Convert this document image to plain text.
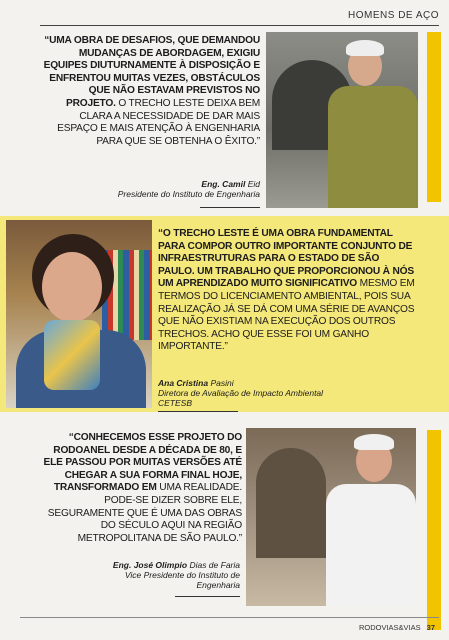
HOMENS DE AÇO
“UMA OBRA DE DESAFIOS, QUE DEMANDOU MUDANÇAS DE ABORDAGEM, EXIGIU EQUIPES DIUTURNAMENTE À DISPOSIÇÃO E ENFRENTOU MUITAS VEZES, OBSTÁCULOS QUE NÃO ESTAVAM PREVISTOS NO PROJETO. O TRECHO LESTE DEIXA BEM CLARA A NECESSIDADE DE DAR MAIS ESPAÇO E MAIS ATENÇÃO À ENGENHARIA PARA QUE SE OBTENHA O ÊXITO.”
Eng. Camil Eid
Presidente do Instituto de Engenharia
“O TRECHO LESTE É UMA OBRA FUNDAMENTAL PARA COMPOR OUTRO IMPORTANTE CONJUNTO DE INFRAESTRUTURAS PARA O ESTADO DE SÃO PAULO. UM TRABALHO QUE PROPORCIONOU À NÓS UM APRENDIZADO MUITO SIGNIFICATIVO MESMO EM TERMOS DO LICENCIAMENTO AMBIENTAL, POIS SUA REALIZAÇÃO JÁ SE DÁ COM UMA SÉRIE DE AVANÇOS QUE NÃO EXISTIAM NA EXECUÇÃO DOS OUTROS TRECHOS. ACHO QUE ESSE FOI UM GANHO IMPORTANTE.”
Ana Cristina Pasini
Diretora de Avaliação de Impacto Ambiental CETESB
“CONHECEMOS ESSE PROJETO DO RODOANEL DESDE A DÉCADA DE 80, E ELE PASSOU POR MUITAS VERSÕES ATÉ CHEGAR A SUA FORMA FINAL HOJE, TRANSFORMADO EM UMA REALIDADE. PODE-SE DIZER SOBRE ELE, SEGURAMENTE QUE É UMA DAS OBRAS DO SÉCULO AQUI NA REGIÃO METROPOLITANA DE SÃO PAULO.”
Eng. José Olimpio Dias de Faria
Vice Presidente do Instituto de Engenharia
RODOVIAS&VIAS 37
